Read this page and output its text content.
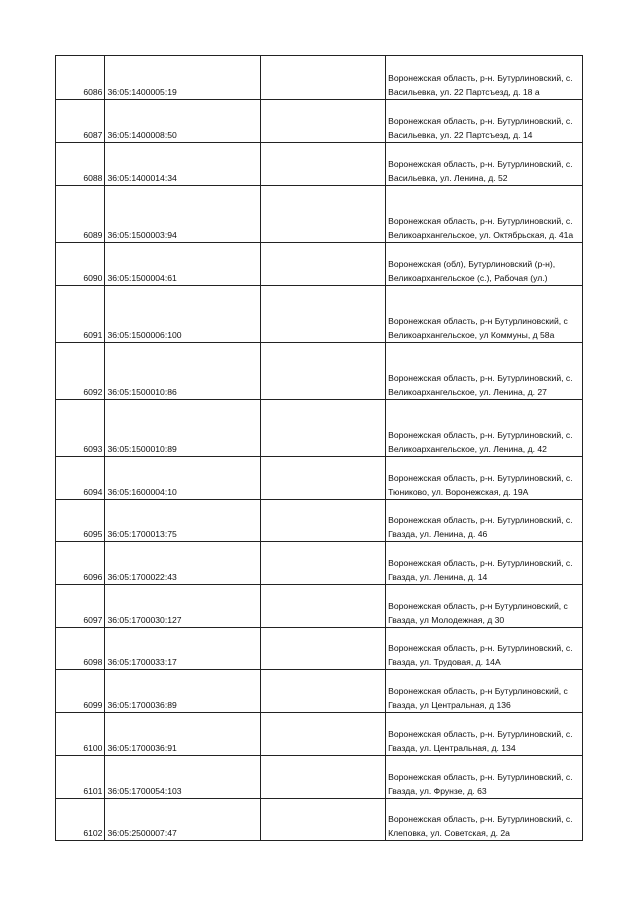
6086	36:05:1400005:19		Воронежская область, р-н. Бутурлиновский, с. Васильевка, ул. 22 Партсъезд, д. 18 а

6087	36:05:1400008:50		Воронежская область, р-н. Бутурлиновский, с. Васильевка, ул. 22 Партсъезд, д. 14

6088	36:05:1400014:34		Воронежская область, р-н. Бутурлиновский, с. Васильевка, ул. Ленина, д. 52

6089	36:05:1500003:94		Воронежская область, р-н. Бутурлиновский, с. Великоархангельское, ул. Октябрьская, д. 41а

6090	36:05:1500004:61		Воронежская (обл), Бутурлиновский (р-н), Великоархангельское (с.), Рабочая (ул.)

6091	36:05:1500006:100		Воронежская область, р-н Бутурлиновский, с Великоархангельское, ул Коммуны, д 58а

6092	36:05:1500010:86		Воронежская область, р-н. Бутурлиновский, с. Великоархангельское, ул. Ленина, д. 27

6093	36:05:1500010:89		Воронежская область, р-н. Бутурлиновский, с. Великоархангельское, ул. Ленина, д. 42

6094	36:05:1600004:10		Воронежская область, р-н. Бутурлиновский, с. Тюниково, ул. Воронежская, д. 19А

6095	36:05:1700013:75		Воронежская область, р-н. Бутурлиновский, с. Гвазда, ул. Ленина, д. 46

6096	36:05:1700022:43		Воронежская область, р-н. Бутурлиновский, с. Гвазда, ул. Ленина, д. 14

6097	36:05:1700030:127		Воронежская область, р-н Бутурлиновский, с Гвазда, ул Молодежная, д 30

6098	36:05:1700033:17		Воронежская область, р-н. Бутурлиновский, с. Гвазда, ул. Трудовая, д. 14А

6099	36:05:1700036:89		Воронежская область, р-н Бутурлиновский, с Гвазда, ул Центральная, д 136

6100	36:05:1700036:91		Воронежская область, р-н. Бутурлиновский, с. Гвазда, ул. Центральная, д. 134

6101	36:05:1700054:103		Воронежская область, р-н. Бутурлиновский, с. Гвазда, ул. Фрунзе, д. 63

6102	36:05:2500007:47		Воронежская область, р-н. Бутурлиновский, с. Клеповка, ул. Советская, д. 2а
